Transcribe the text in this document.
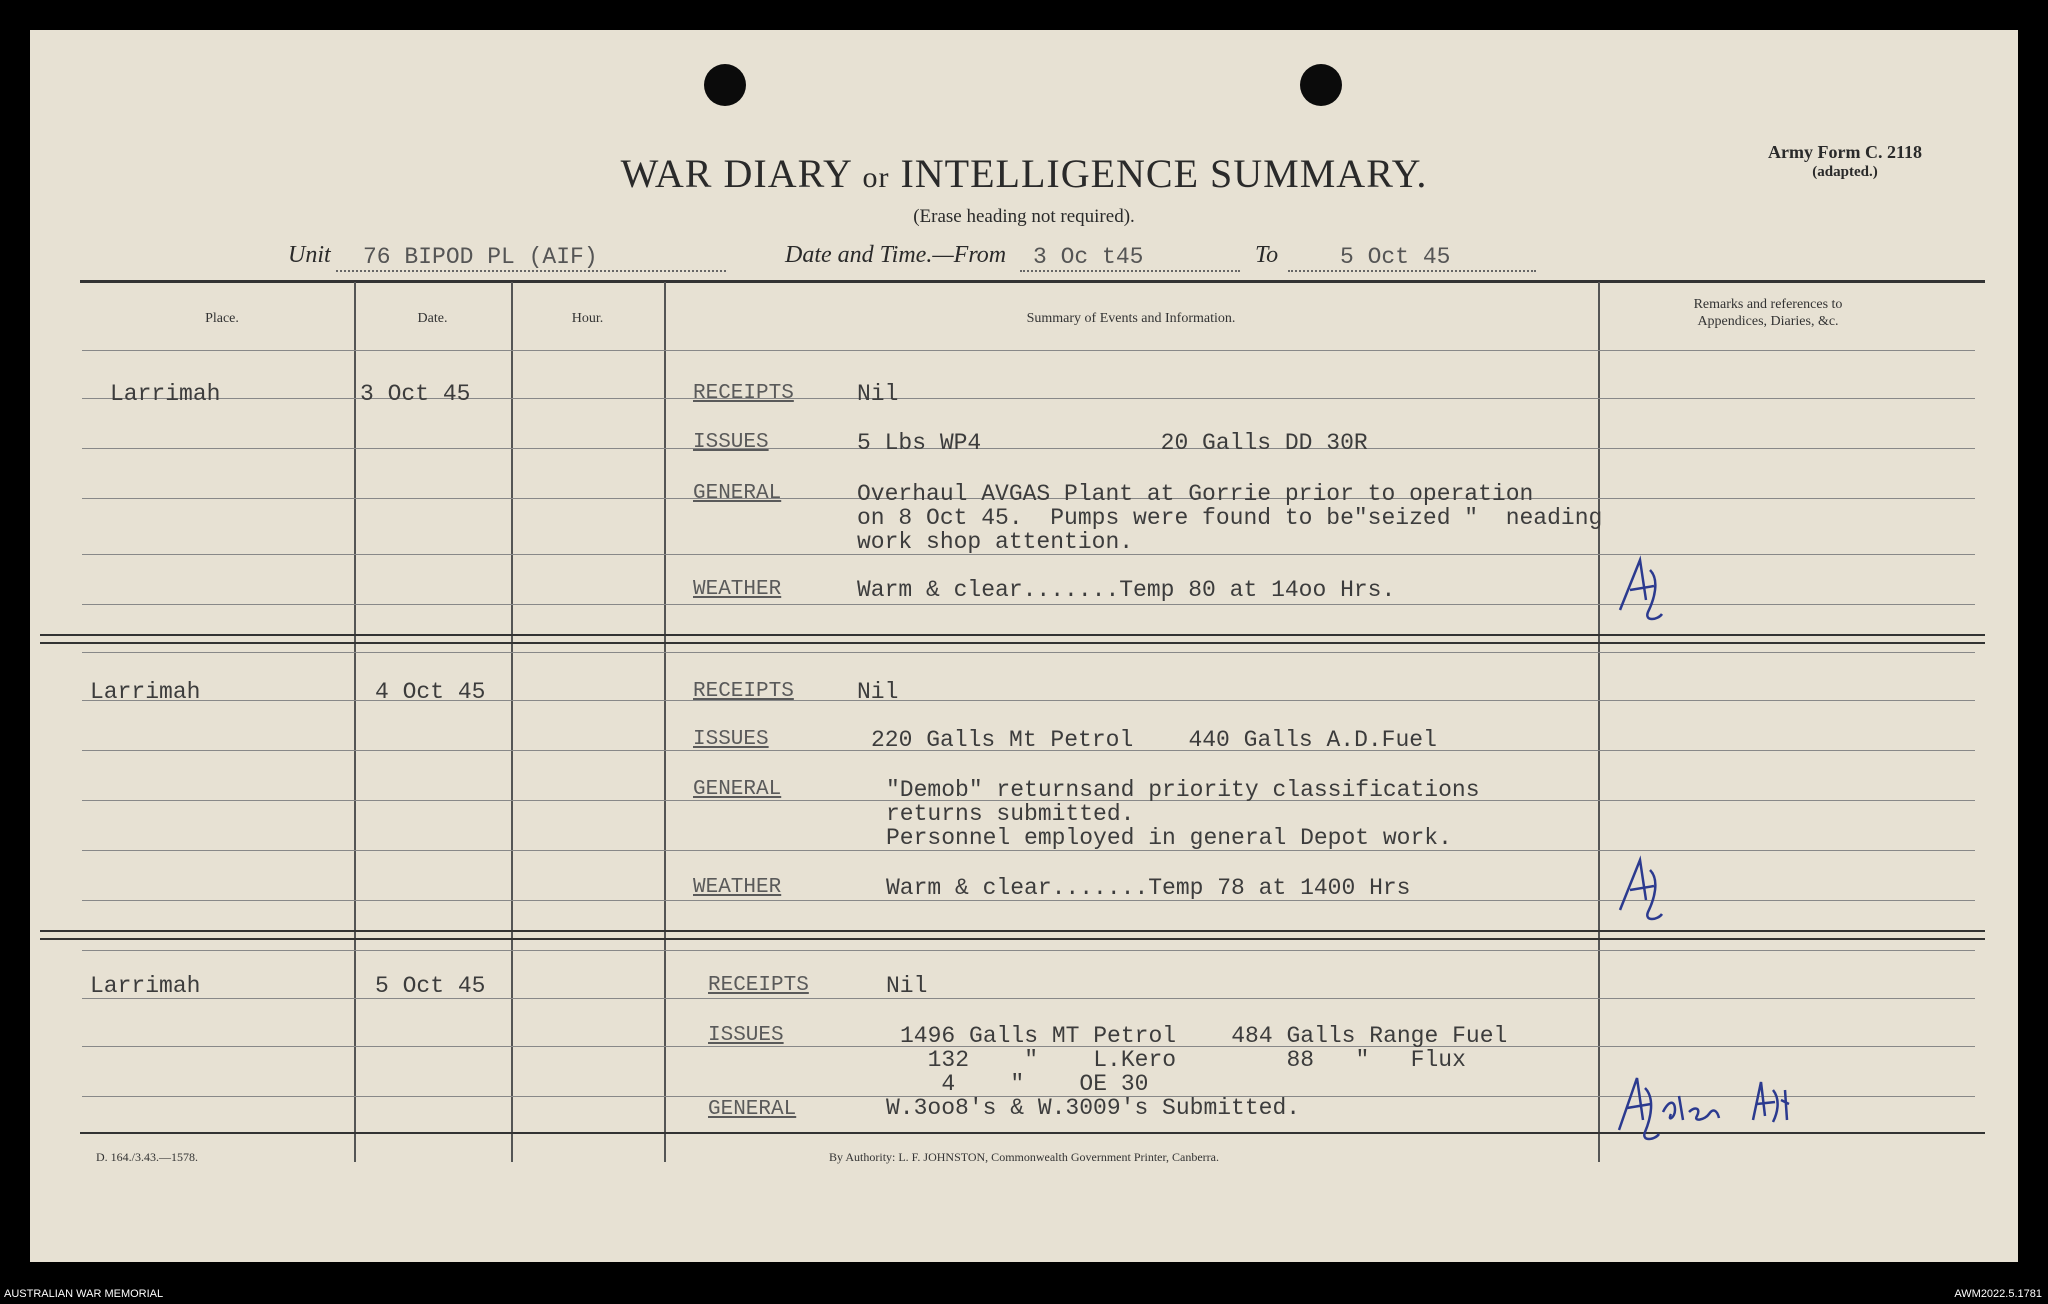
WAR DIARY or INTELLIGENCE SUMMARY.
(Erase heading not required).
Army Form C. 2118
(adapted.)
Unit 76 BIPOD PL (AIF)	Date and Time.—From 3 Oc t45	To	5 Oct 45
Place.	Date.	Hour.	Summary of Events and Information.
Remarks and references to
Appendices, Diaries, &c.
Larrimah	3 Oct 45	RECEIPTS	Nil
ISSUES	5 Lbs WP4             20 Galls DD 30R
GENERAL	Overhaul AVGAS Plant at Gorrie prior to operation
on 8 Oct 45.  Pumps were found to be"seized "  neading
work shop attention.
WEATHER	Warm & clear.......Temp 80 at 14oo Hrs.
Larrimah	4 Oct 45	RECEIPTS	Nil
ISSUES	220 Galls Mt Petrol    440 Galls A.D.Fuel
GENERAL	"Demob" returnsand priority classifications
returns submitted.
Personnel employed in general Depot work.
WEATHER	Warm & clear.......Temp 78 at 1400 Hrs
Larrimah	5 Oct 45	RECEIPTS	Nil
ISSUES	1496 Galls MT Petrol    484 Galls Range Fuel
132    "    L.Kero        88   "   Flux
4    "    OE 30
GENERAL	W.3oo8's & W.3009's Submitted.
D. 164./3.43.—1578.	By Authority: L. F. JOHNSTON, Commonwealth Government Printer, Canberra.
AUSTRALIAN WAR MEMORIAL	AWM2022.5.1781
